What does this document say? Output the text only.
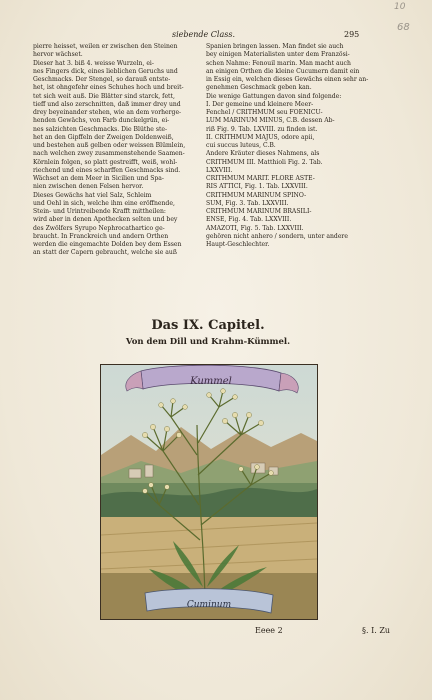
10
68
siebende Class.	295
pierre heisset, weilen er zwischen den Steinen
hervor wächset.
Dieser hat 3. biß 4. weisse Wurzeln, ei-
nes Fingers dick, eines lieblichen Geruchs und
Geschmacks. Der Stengel, so darauß entste-
het, ist ohngefehr eines Schuhes hoch und breit-
tet sich weit auß. Die Blätter sind starck, fett,
tieff und also zerschnitten, daß immer drey und
drey beyeinander stehen, wie an dem vorherge-
henden Gewächs, von Farb dunckelgrün, ei-
nes salzichten Geschmacks. Die Blüthe ste-
het an den Gipffeln der Zweigen Doldenweiß,
und bestehen auß gelben oder weissen Blümlein,
nach welchen zwey zusammenstehende Saamen-
Körnlein folgen, so platt gestreifft, weiß, wohl-
riechend und eines scharffen Geschmacks sind.
Wächset an dem Meer in Sicilien und Spa-
nien zwischen denen Felsen hervor.
Dieses Gewächs hat viel Salz, Schleim
und Oehl in sich, welche ihm eine eröffnende,
Stein- und Urintreibende Krafft mittheilen:
wird aber in denen Apothecken selten und bey
des Zwölfers Syrupo Nephrocathartico ge-
braucht. In Franckreich und andern Orthen
werden die eingemachte Dolden bey dem Essen
an statt der Capern gebraucht, welche sie auß
Spanien bringen lassen. Man findet sie auch
bey einigen Materialisten unter dem Französi-
schen Nahme: Fenouil marin. Man macht auch
an einigen Orthen die kleine Cucumern damit ein
in Essig ein, welchen dieses Gewächs einen sehr an-
genehmen Geschmack geben kan.
Die wenige Gattungen davon sind folgende:
I. Der gemeine und kleinere Meer-
Fenchel / CRITHMUM seu FOENICU-
LUM MARINUM MINUS, C.B. dessen Ab-
riß Fig. 9. Tab. LXVIII. zu finden ist.
II. CRITHMUM MAJUS, odore apii,
cui succus luteus, C.B.
Andere Kräuter dieses Nahmens, als
CRITHMUM III. Matthioli Fig. 2. Tab.
LXXVIII.
CRITHMUM MARIT. FLORE ASTE-
RIS ATTICI, Fig. 1. Tab. LXXVIII.
CRITHMUM MARINUM SPINO-
SUM, Fig. 3. Tab. LXXVIII.
CRITHMUM MARINUM BRASILI-
ENSE, Fig. 4. Tab. LXXVIII.
AMAZOTI, Fig. 5. Tab. LXXVIII.
gehören nicht anhero / sondern, unter andere
Haupt-Geschlechter.
Das IX. Capitel.
Von dem Dill und Krahm-Kümmel.
Kummel
Cuminum
Eeee 2	§. I. Zu
